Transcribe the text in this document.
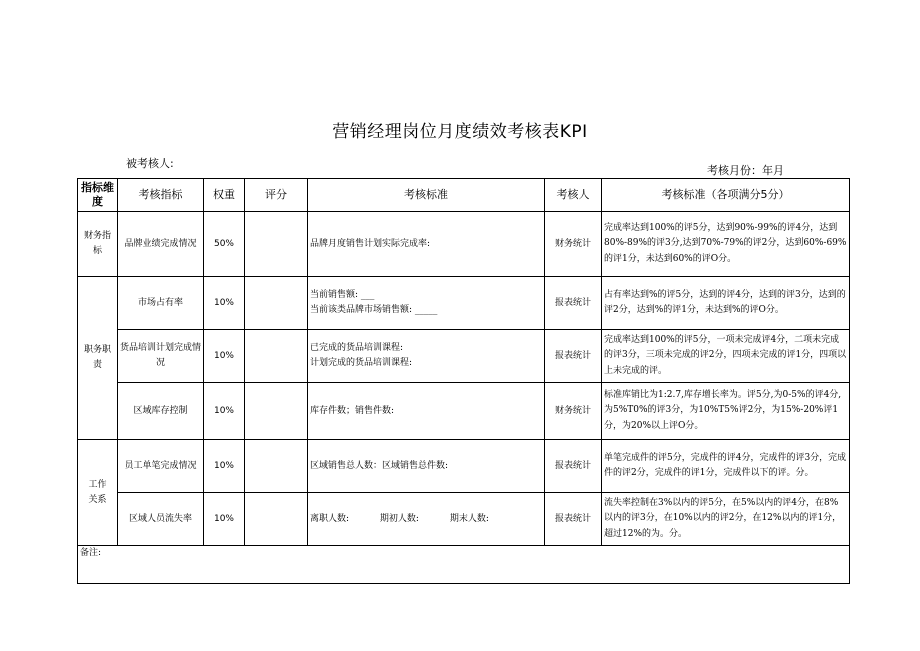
营销经理岗位月度绩效考核表KPI
被考核人:
考核月份：年月
指标维度	考核指标	权重	评分	考核标准	考核人	考核标准（各项满分5分）
财务指标	品牌业绩完成情况	50%		品牌月度销售计划实际完成率:	财务统计	完成率达到100%的评5分，达到90%-99%的评4分，达到80%-89%的评3分,达到70%-79%的评2分，达到60%-69%的评1分，未达到60%的评O分。
职务职责	市场占有率	10%		当前销售额: ___
当前该类品牌市场销售额: _____	报表统计	占有率达到%的评5分，达到的评4分，达到的评3分，达到的评2分，达到%的评1分，未达到%的评O分。
	货品培训计划完成情况	10%		已完成的货品培训课程:
计划完成的货品培训课程:	报表统计	完成率达到100%的评5分，一项未完成评4分，二项未完成的评3分，三项未完成的评2分，四项未完成的评1分，四项以上未完成的评。
	区域库存控制	10%		库存件数；销售件数:	财务统计	标准库销比为1:2.7,库存增长率为。评5分,为0-5%的评4分,为5%T0%的评3分，为10%T5%评2分，为15%-20%评1分，为20%以上评O分。
工作关系	员工单笔完成情况	10%		区域销售总人数：区域销售总件数:	报表统计	单笔完成件的评5分，完成件的评4分，完成件的评3分，完成件的评2分，完成件的评1分，完成件以下的评。分。
	区域人员流失率	10%		离职人数: 期初人数: 期末人数:	报表统计	流失率控制在3%以内的评5分，在5%以内的评4分，在8%以内的评3分，在10%以内的评2分，在12%以内的评1分，超过12%的为。分。
备注:						
